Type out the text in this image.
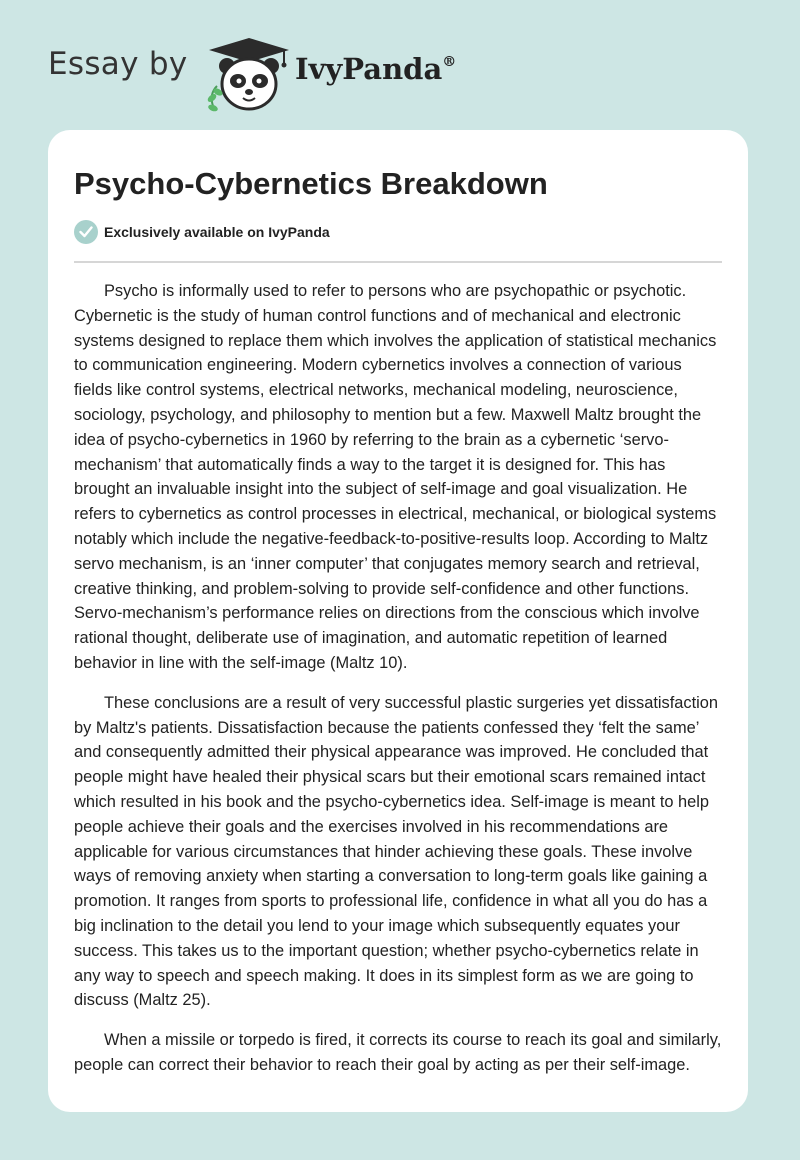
Essay by	IvyPanda®
Psycho-Cybernetics Breakdown
Exclusively available on IvyPanda

Psycho is informally used to refer to persons who are psychopathic or psychotic. Cybernetic is the study of human control functions and of mechanical and electronic systems designed to replace them which involves the application of statistical mechanics to communication engineering. Modern cybernetics involves a connection of various fields like control systems, electrical networks, mechanical modeling, neuroscience, sociology, psychology, and philosophy to mention but a few. Maxwell Maltz brought the idea of psycho-cybernetics in 1960 by referring to the brain as a cybernetic ‘servo-mechanism’ that automatically finds a way to the target it is designed for. This has brought an invaluable insight into the subject of self-image and goal visualization. He refers to cybernetics as control processes in electrical, mechanical, or biological systems notably which include the negative-feedback-to-positive-results loop. According to Maltz servo mechanism, is an ‘inner computer’ that conjugates memory search and retrieval, creative thinking, and problem-solving to provide self-confidence and other functions. Servo-mechanism’s performance relies on directions from the conscious which involve rational thought, deliberate use of imagination, and automatic repetition of learned behavior in line with the self-image (Maltz 10).

These conclusions are a result of very successful plastic surgeries yet dissatisfaction by Maltz's patients. Dissatisfaction because the patients confessed they ‘felt the same’ and consequently admitted their physical appearance was improved. He concluded that people might have healed their physical scars but their emotional scars remained intact which resulted in his book and the psycho-cybernetics idea. Self-image is meant to help people achieve their goals and the exercises involved in his recommendations are applicable for various circumstances that hinder achieving these goals. These involve ways of removing anxiety when starting a conversation to long-term goals like gaining a promotion. It ranges from sports to professional life, confidence in what all you do has a big inclination to the detail you lend to your image which subsequently equates your success. This takes us to the important question; whether psycho-cybernetics relate in any way to speech and speech making. It does in its simplest form as we are going to discuss (Maltz 25).

When a missile or torpedo is fired, it corrects its course to reach its goal and similarly, people can correct their behavior to reach their goal by acting as per their self-image.
